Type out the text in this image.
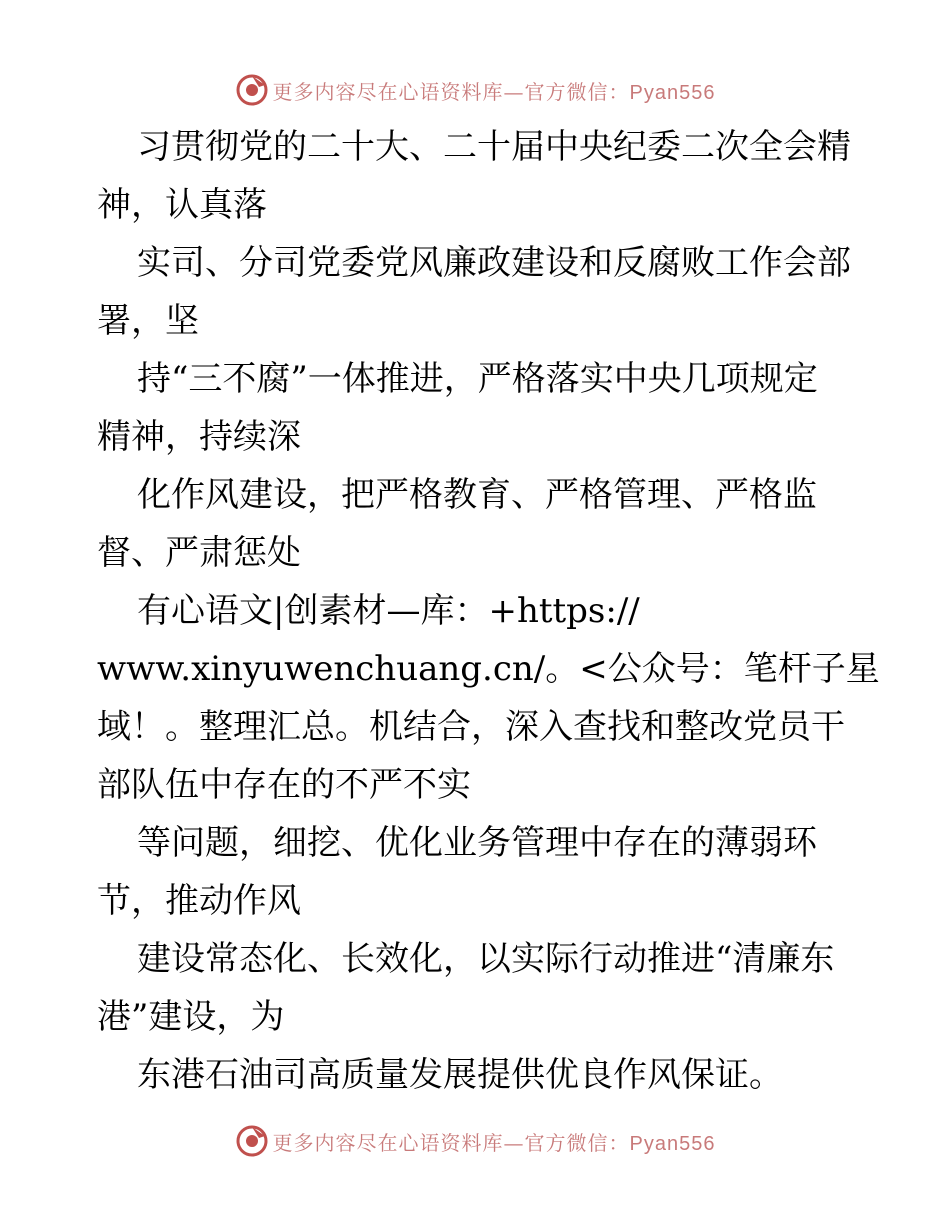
更多内容尽在心语资料库—官方微信：Pyan556
习贯彻党的二十大、二十届中央纪委二次全会精
神，认真落
实司、分司党委党风廉政建设和反腐败工作会部
署，坚
持“三不腐”一体推进，严格落实中央几项规定
精神，持续深
化作风建设，把严格教育、严格管理、严格监
督、严肃惩处
有心语文|创素材—库：+https://
www.xinyuwenchuang.cn/。<公众号：笔杆子星
域！。整理汇总。机结合，深入查找和整改党员干
部队伍中存在的不严不实
等问题，细挖、优化业务管理中存在的薄弱环
节，推动作风
建设常态化、长效化，以实际行动推进“清廉东
港”建设，为
东港石油司高质量发展提供优良作风保证。
更多内容尽在心语资料库—官方微信：Pyan556
